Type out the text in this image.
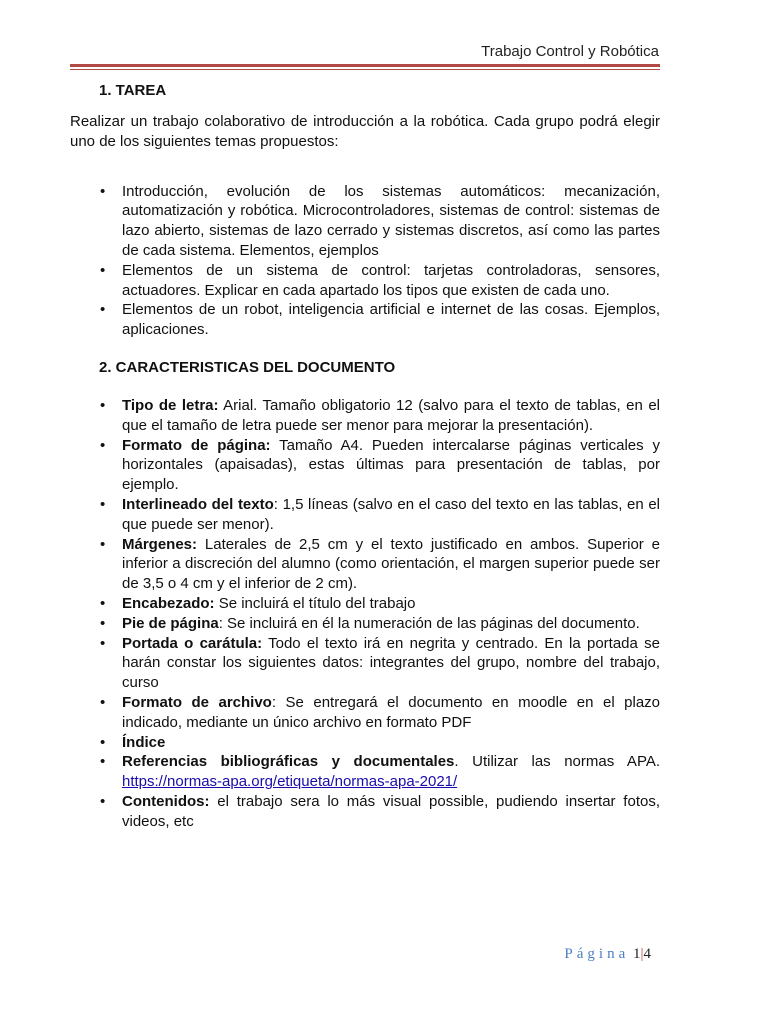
Trabajo Control y Robótica
1. TAREA

Realizar un trabajo colaborativo de introducción a la robótica. Cada grupo podrá elegir uno de los siguientes temas propuestos:

• Introducción, evolución de los sistemas automáticos: mecanización, automatización y robótica. Microcontroladores, sistemas de control: sistemas de lazo abierto, sistemas de lazo cerrado y sistemas discretos, así como las partes de cada sistema. Elementos, ejemplos
• Elementos de un sistema de control: tarjetas controladoras, sensores, actuadores. Explicar en cada apartado los tipos que existen de cada uno.
• Elementos de un robot, inteligencia artificial e internet de las cosas. Ejemplos, aplicaciones.
2. CARACTERISTICAS DEL DOCUMENTO
• Tipo de letra: Arial. Tamaño obligatorio 12 (salvo para el texto de tablas, en el que el tamaño de letra puede ser menor para mejorar la presentación).
• Formato de página: Tamaño A4. Pueden intercalarse páginas verticales y horizontales (apaisadas), estas últimas para presentación de tablas, por ejemplo.
• Interlineado del texto: 1,5 líneas (salvo en el caso del texto en las tablas, en el que puede ser menor).
• Márgenes: Laterales de 2,5 cm y el texto justificado en ambos. Superior e inferior a discreción del alumno (como orientación, el margen superior puede ser de 3,5 o 4 cm y el inferior de 2 cm).
• Encabezado: Se incluirá el título del trabajo
• Pie de página: Se incluirá en él la numeración de las páginas del documento.
• Portada o carátula: Todo el texto irá en negrita y centrado. En la portada se harán constar los siguientes datos: integrantes del grupo, nombre del trabajo, curso
• Formato de archivo: Se entregará el documento en moodle en el plazo indicado, mediante un único archivo en formato PDF
• Índice
• Referencias bibliográficas y documentales. Utilizar las normas APA. https://normas-apa.org/etiqueta/normas-apa-2021/
• Contenidos: el trabajo sera lo más visual possible, pudiendo insertar fotos, videos, etc
Página 1|4
